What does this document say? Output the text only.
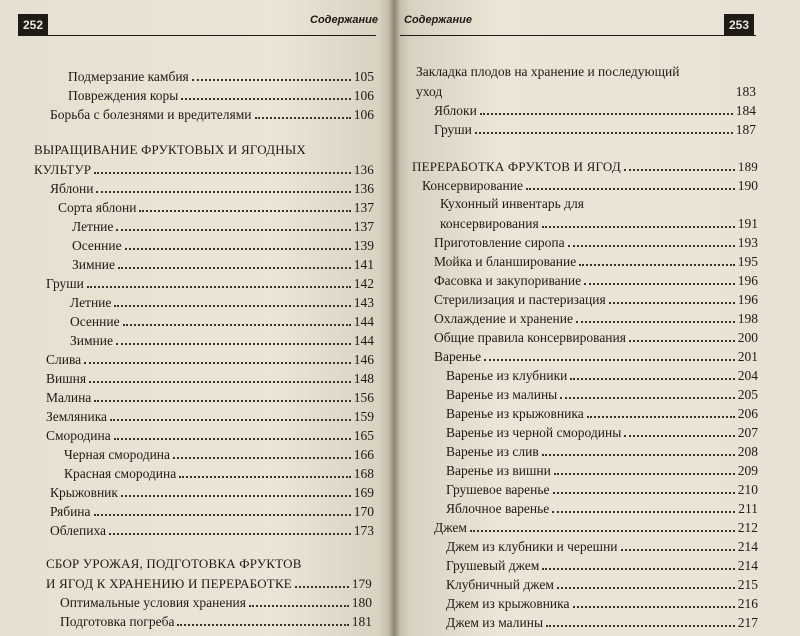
252	Содержание
Подмерзание камбия	105
Повреждения коры	106
Борьба с болезнями и вредителями	106
ВЫРАЩИВАНИЕ ФРУКТОВЫХ И ЯГОДНЫХ
КУЛЬТУР	136
Яблони	136
Сорта яблони	137
Летние	137
Осенние	139
Зимние	141
Груши	142
Летние	143
Осенние	144
Зимние	144
Слива	146
Вишня	148
Малина	156
Земляника	159
Смородина	165
Черная смородина	166
Красная смородина	168
Крыжовник	169
Рябина	170
Облепиха	173
СБОР УРОЖАЯ, ПОДГОТОВКА ФРУКТОВ
И ЯГОД К ХРАНЕНИЮ И ПЕРЕРАБОТКЕ	179
Оптимальные условия хранения	180
Подготовка погреба	181
Содержание	253
Закладка плодов на хранение и последующий
уход	183
Яблоки	184
Груши	187
ПЕРЕРАБОТКА ФРУКТОВ И ЯГОД	189
Консервирование	190
Кухонный инвентарь для
консервирования	191
Приготовление сиропа	193
Мойка и бланширование	195
Фасовка и закупоривание	196
Стерилизация и пастеризация	196
Охлаждение и хранение	198
Общие правила консервирования	200
Варенье	201
Варенье из клубники	204
Варенье из малины	205
Варенье из крыжовника	206
Варенье из черной смородины	207
Варенье из слив	208
Варенье из вишни	209
Грушевое варенье	210
Яблочное варенье	211
Джем	212
Джем из клубники и черешни	214
Грушевый джем	214
Клубничный джем	215
Джем из крыжовника	216
Джем из малины	217
